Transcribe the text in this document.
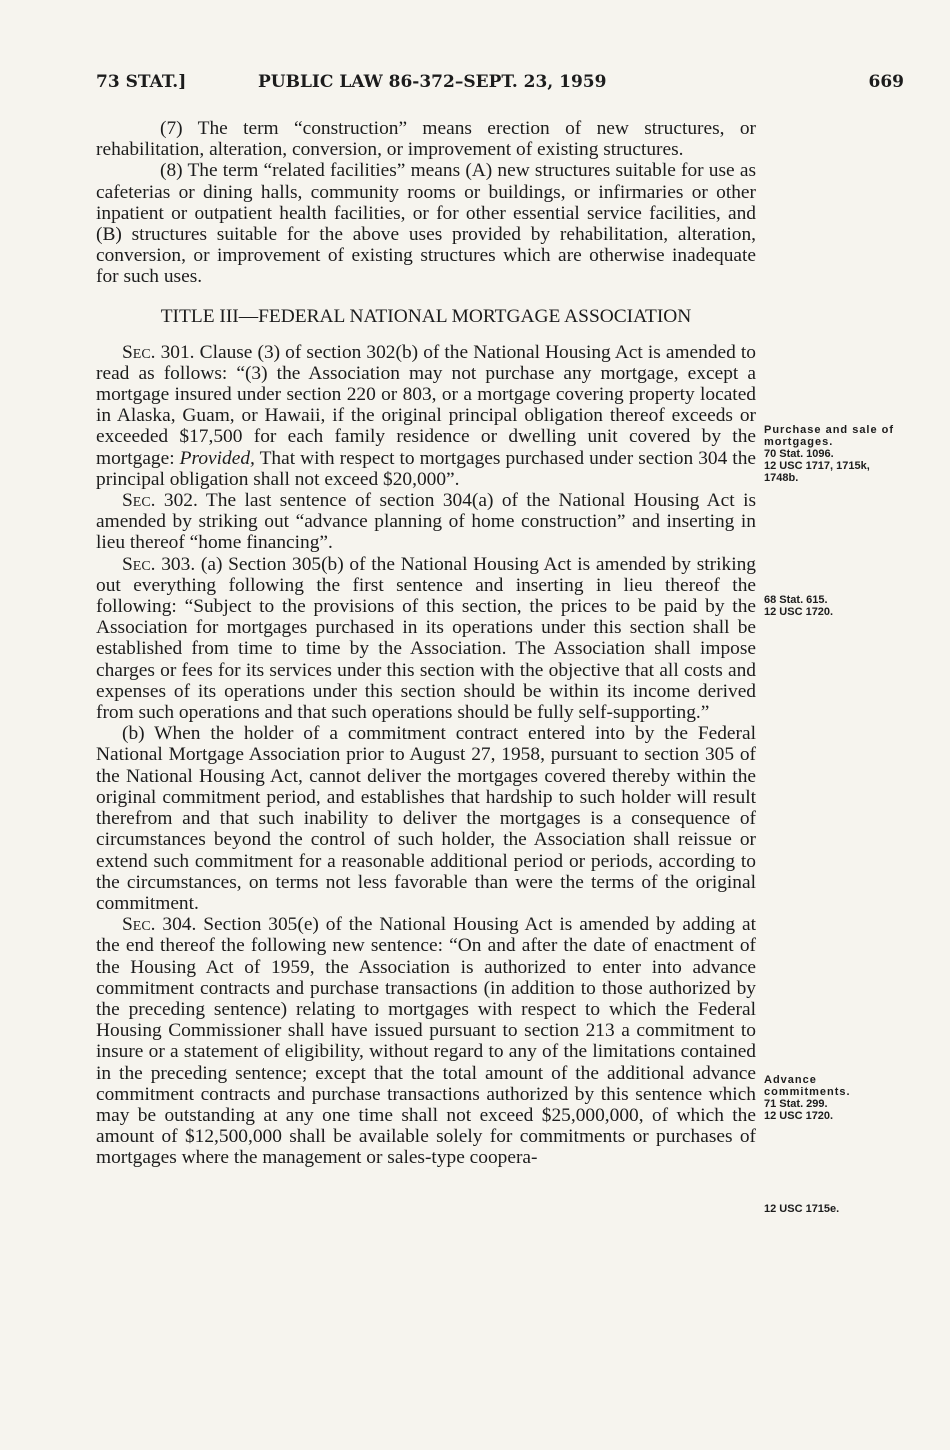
73 STAT.]	PUBLIC LAW 86-372–SEPT. 23, 1959	669

(7) The term “construction” means erection of new structures, or rehabilitation, alteration, conversion, or improvement of existing structures.

(8) The term “related facilities” means (A) new structures suitable for use as cafeterias or dining halls, community rooms or buildings, or infirmaries or other inpatient or outpatient health facilities, or for other essential service facilities, and (B) structures suitable for the above uses provided by rehabilitation, alteration, conversion, or improvement of existing structures which are otherwise inadequate for such uses.

TITLE III—FEDERAL NATIONAL MORTGAGE ASSOCIATION

Sec. 301. Clause (3) of section 302(b) of the National Housing Act is amended to read as follows: “(3) the Association may not purchase any mortgage, except a mortgage insured under section 220 or 803, or a mortgage covering property located in Alaska, Guam, or Hawaii, if the original principal obligation thereof exceeds or exceeded $17,500 for each family residence or dwelling unit covered by the mortgage: Provided, That with respect to mortgages purchased under section 304 the principal obligation shall not exceed $20,000”.

Sec. 302. The last sentence of section 304(a) of the National Housing Act is amended by striking out “advance planning of home construction” and inserting in lieu thereof “home financing”.

Sec. 303. (a) Section 305(b) of the National Housing Act is amended by striking out everything following the first sentence and inserting in lieu thereof the following: “Subject to the provisions of this section, the prices to be paid by the Association for mortgages purchased in its operations under this section shall be established from time to time by the Association. The Association shall impose charges or fees for its services under this section with the objective that all costs and expenses of its operations under this section should be within its income derived from such operations and that such operations should be fully self-supporting.”

(b) When the holder of a commitment contract entered into by the Federal National Mortgage Association prior to August 27, 1958, pursuant to section 305 of the National Housing Act, cannot deliver the mortgages covered thereby within the original commitment period, and establishes that hardship to such holder will result therefrom and that such inability to deliver the mortgages is a consequence of circumstances beyond the control of such holder, the Association shall reissue or extend such commitment for a reasonable additional period or periods, according to the circumstances, on terms not less favorable than were the terms of the original commitment.

Sec. 304. Section 305(e) of the National Housing Act is amended by adding at the end thereof the following new sentence: “On and after the date of enactment of the Housing Act of 1959, the Association is authorized to enter into advance commitment contracts and purchase transactions (in addition to those authorized by the preceding sentence) relating to mortgages with respect to which the Federal Housing Commissioner shall have issued pursuant to section 213 a commitment to insure or a statement of eligibility, without regard to any of the limitations contained in the preceding sentence; except that the total amount of the additional advance commitment contracts and purchase transactions authorized by this sentence which may be outstanding at any one time shall not exceed $25,000,000, of which the amount of $12,500,000 shall be available solely for commitments or purchases of mortgages where the management or sales-type coopera-

Purchase and sale of mortgages.
70 Stat. 1096.
12 USC 1717, 1715k, 1748b.
68 Stat. 615.
12 USC 1720.
Advance commitments.
71 Stat. 299.
12 USC 1720.
12 USC 1715e.
